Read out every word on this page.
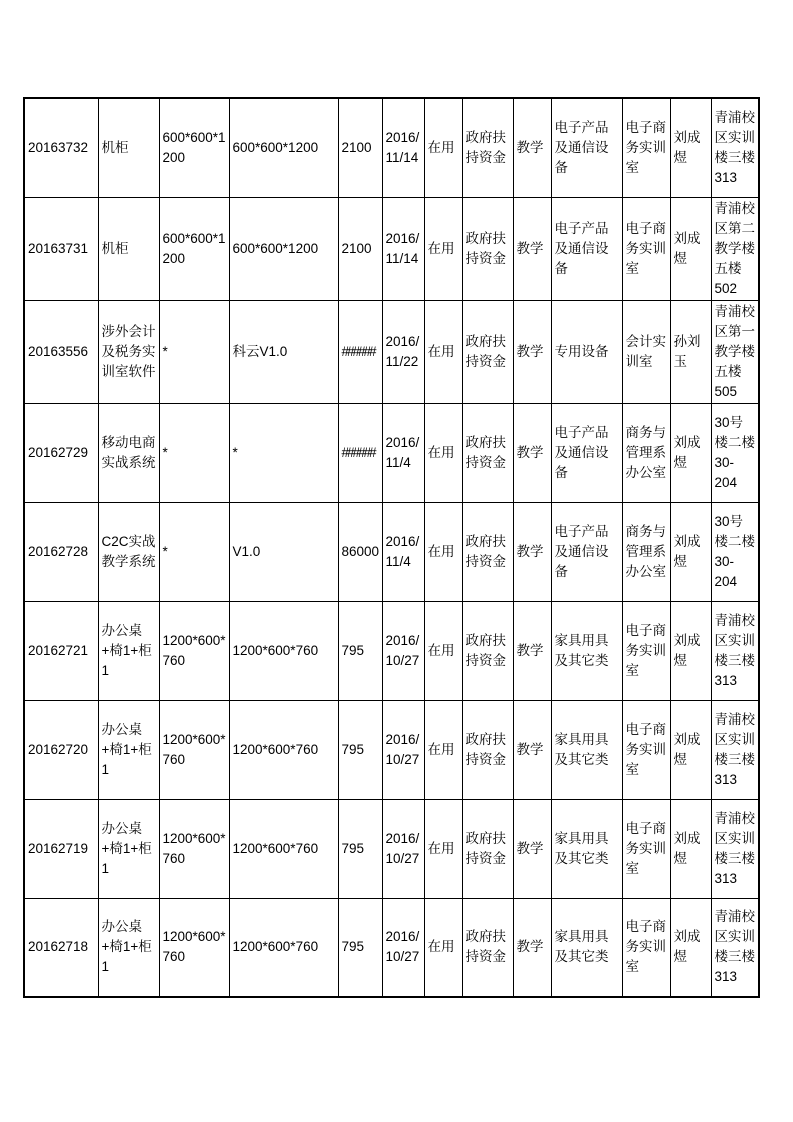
20163732	机柜	600*600*1200	600*600*1200	2100	2016/11/14	在用	政府扶持资金	教学	电子产品及通信设备	电子商务实训室	刘成煜	青浦校区实训楼三楼313
20163731	机柜	600*600*1200	600*600*1200	2100	2016/11/14	在用	政府扶持资金	教学	电子产品及通信设备	电子商务实训室	刘成煜	青浦校区第二教学楼五楼502
20163556	涉外会计及税务实训室软件	*	科云V1.0	######	2016/11/22	在用	政府扶持资金	教学	专用设备	会计实训室	孙刘玉	青浦校区第一教学楼五楼505
20162729	移动电商实战系统	*	*	######	2016/11/4	在用	政府扶持资金	教学	电子产品及通信设备	商务与管理系办公室	刘成煜	30号楼二楼30-204
20162728	C2C实战教学系统	*	V1.0	86000	2016/11/4	在用	政府扶持资金	教学	电子产品及通信设备	商务与管理系办公室	刘成煜	30号楼二楼30-204
20162721	办公桌+椅1+柜1	1200*600*760	1200*600*760	795	2016/10/27	在用	政府扶持资金	教学	家具用具及其它类	电子商务实训室	刘成煜	青浦校区实训楼三楼313
20162720	办公桌+椅1+柜1	1200*600*760	1200*600*760	795	2016/10/27	在用	政府扶持资金	教学	家具用具及其它类	电子商务实训室	刘成煜	青浦校区实训楼三楼313
20162719	办公桌+椅1+柜1	1200*600*760	1200*600*760	795	2016/10/27	在用	政府扶持资金	教学	家具用具及其它类	电子商务实训室	刘成煜	青浦校区实训楼三楼313
20162718	办公桌+椅1+柜1	1200*600*760	1200*600*760	795	2016/10/27	在用	政府扶持资金	教学	家具用具及其它类	电子商务实训室	刘成煜	青浦校区实训楼三楼313
